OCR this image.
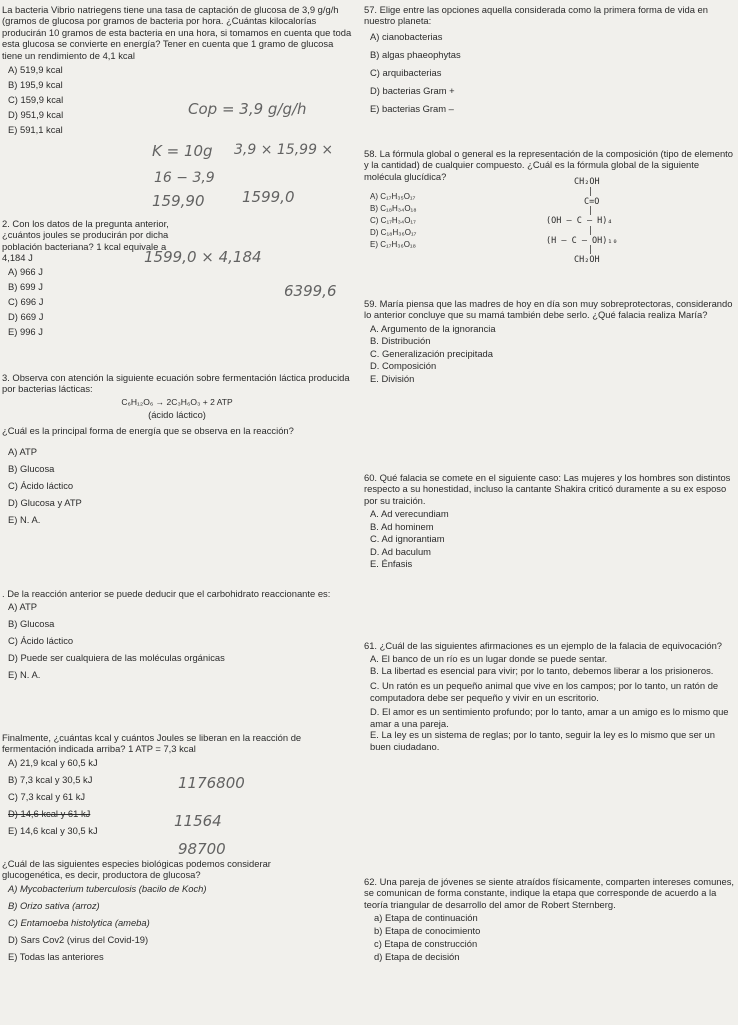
La bacteria Vibrio natriegens tiene una tasa de captación de glucosa de 3,9 g/g/h (gramos de glucosa por gramos de bacteria por hora. ¿Cuántas kilocalorías producirán 10 gramos de esta bacteria en una hora, si tomamos en cuenta que toda esta glucosa se convierte en energía? Tener en cuenta que 1 gramo de glucosa tiene un rendimiento de 4,1 kcal

A) 519,9 kcal
B) 195,9 kcal
C) 159,9 kcal
D) 951,9 kcal
E) 591,1 kcal

2. Con los datos de la pregunta anterior, ¿cuántos joules se producirán por dicha población bacteriana? 1 kcal equivale a 4,184 J

A) 966 J
B) 699 J
C) 696 J
D) 669 J
E) 996 J

3. Observa con atención la siguiente ecuación sobre fermentación láctica producida por bacterias lácticas:

C₆H₁₂O₆ → 2C₃H₆O₃ + 2 ATP
(ácido láctico)

¿Cuál es la principal forma de energía que se observa en la reacción?

A) ATP
B) Glucosa
C) Ácido láctico
D) Glucosa y ATP
E) N. A.

. De la reacción anterior se puede deducir que el carbohidrato reaccionante es:

A) ATP
B) Glucosa
C) Ácido láctico
D) Puede ser cualquiera de las moléculas orgánicas
E) N. A.

Finalmente, ¿cuántas kcal y cuántos Joules se liberan en la reacción de fermentación indicada arriba? 1 ATP = 7,3 kcal

A) 21,9 kcal y 60,5 kJ
B) 7,3 kcal y 30,5 kJ
C) 7,3 kcal y 61 kJ
D) 14,6 kcal y 61 kJ
E) 14,6 kcal y 30,5 kJ

¿Cuál de las siguientes especies biológicas podemos considerar glucogenética, es decir, productora de glucosa?

A) Mycobacterium tuberculosis (bacilo de Koch)
B) Orizo sativa (arroz)
C) Entamoeba histolytica (ameba)
D) Sars Cov2 (virus del Covid-19)
E) Todas las anteriores
Cop = 3,9 g/g/h
K = 10g 3,9 × 15,99 ×
16 − 3,9
159,90	1599,0
1599,0 × 4,184
6399,6
1176800
11564
98700

57. Elige entre las opciones aquella considerada como la primera forma de vida en nuestro planeta:

A) cianobacterias
B) algas phaeophytas
C) arquibacterias
D) bacterias Gram +
E) bacterias Gram –

58. La fórmula global o general es la representación de la composición (tipo de elemento y la cantidad) de cualquier compuesto. ¿Cuál es la fórmula global de la siguiente molécula glucídica?

A) C₁₇H₃₅O₁₇
B) C₁₈H₃₄O₁₈
C) C₁₇H₃₄O₁₇
D) C₁₈H₃₆O₁₇
E) C₁₇H₃₆O₁₈
CH₂OH
|
C=O
|
(OH — C — H)₄
|
(H — C — OH)₁₀
|
CH₂OH

59. María piensa que las madres de hoy en día son muy sobreprotectoras, considerando lo anterior concluye que su mamá también debe serlo. ¿Qué falacia realiza María?

A. Argumento de la ignorancia
B. Distribución
C. Generalización precipitada
D. Composición
E. División

60. Qué falacia se comete en el siguiente caso: Las mujeres y los hombres son distintos respecto a su honestidad, incluso la cantante Shakira criticó duramente a su ex esposo por su traición.

A. Ad verecundiam
B. Ad hominem
C. Ad ignorantiam
D. Ad baculum
E. Énfasis

61. ¿Cuál de las siguientes afirmaciones es un ejemplo de la falacia de equivocación?

A. El banco de un río es un lugar donde se puede sentar.
B. La libertad es esencial para vivir; por lo tanto, debemos liberar a los prisioneros.
C. Un ratón es un pequeño animal que vive en los campos; por lo tanto, un ratón de computadora debe ser pequeño y vivir en un escritorio.
D. El amor es un sentimiento profundo; por lo tanto, amar a un amigo es lo mismo que amar a una pareja.
E. La ley es un sistema de reglas; por lo tanto, seguir la ley es lo mismo que ser un buen ciudadano.

62. Una pareja de jóvenes se siente atraídos físicamente, comparten intereses comunes, se comunican de forma constante, indique la etapa que corresponde de acuerdo a la teoría triangular de desarrollo del amor de Robert Sternberg.

a) Etapa de continuación
b) Etapa de conocimiento
c) Etapa de construcción
d) Etapa de decisión
